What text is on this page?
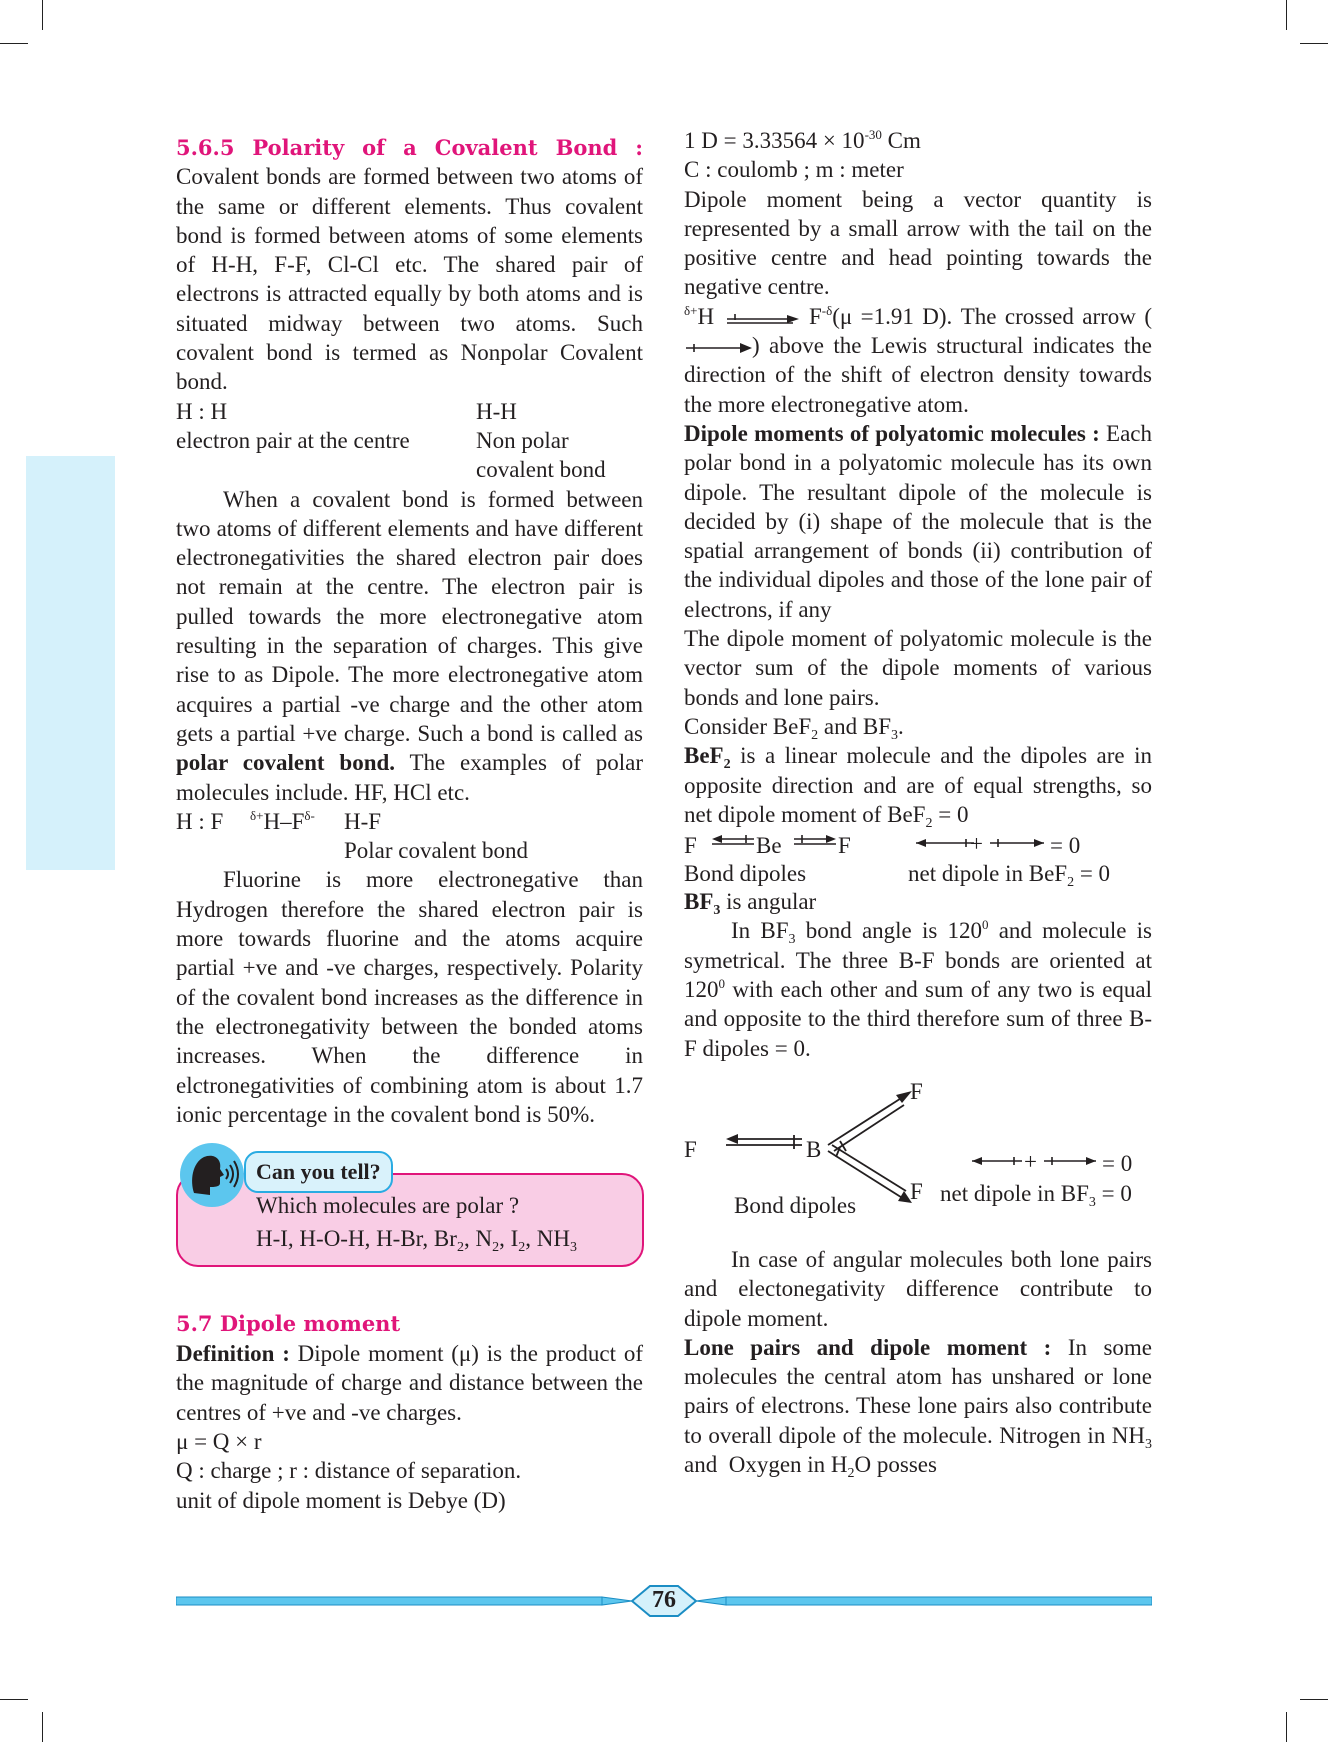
5.6.5 Polarity of a Covalent Bond : Covalent bonds are formed between two atoms of the same or different elements. Thus covalent bond is formed between atoms of some elements of H-H, F-F, Cl-Cl etc. The shared pair of electrons is attracted equally by both atoms and is situated midway between two atoms. Such covalent bond is termed as Nonpolar Covalent bond.

H : H
electron pair at the centre
H-H
Non polar
covalent bond

When a covalent bond is formed between two atoms of different elements and have different electronegativities the shared electron pair does not remain at the centre. The electron pair is pulled towards the more electronegative atom resulting in the separation of charges. This give rise to as Dipole. The more electronegative atom acquires a partial -ve charge and the other atom gets a partial +ve charge. Such a bond is called as polar covalent bond. The examples of polar molecules include. HF, HCl etc.

H : F	$^{\delta+}H-F^{\delta-}$	H-F
Polar covalent bond

Fluorine is more electronegative than Hydrogen therefore the shared electron pair is more towards fluorine and the atoms acquire partial +ve and -ve charges, respectively. Polarity of the covalent bond increases as the difference in the electronegativity between the bonded atoms increases. When the difference in elctronegativities of combining atom is about 1.7 ionic percentage in the covalent bond is 50%.

Which molecules are polar ?
H-I, H-O-H, H-Br, $Br_2$, $N_2$, $I_2$, $NH_3$
Can you tell?

5.7 Dipole moment

Definition : Dipole moment (μ) is the product of the magnitude of charge and distance between the centres of +ve and -ve charges.

μ = Q × r

Q : charge ; r : distance of separation.

unit of dipole moment is Debye (D)

1 $D = 3.33564 \times 10^{-30}$ Cm

C : coulomb ; m : meter

Dipole moment being a vector quantity is represented by a small arrow with the tail on the positive centre and head pointing towards the negative centre.

$^{\delta+}$H	$F^{-\delta}(\mu =1.91$ D). The crossed arrow () above the Lewis structural indicates the direction of the shift of electron density towards the more electronegative atom.

Dipole moments of polyatomic molecules : Each polar bond in a polyatomic molecule has its own dipole. The resultant dipole of the molecule is decided by (i) shape of the molecule that is the spatial arrangement of bonds (ii) contribution of the individual dipoles and those of the lone pair of electrons, if any

The dipole moment of polyatomic molecule is the vector sum of the dipole moments of various bonds and lone pairs.

Consider BeF$_2$ and $BF_3$.

BeF$_2$ is a linear molecule and the dipoles are in opposite direction and are of equal strengths, so net dipole moment of BeF$_2$ = 0

F	Be F	+	= 0
Bond dipoles	net dipole in BeF$_2$ = 0

$BF_3$ is angular

In $BF_3$ bond angle is $120^0$ and molecule is symetrical. The three B-F bonds are oriented at $120^0$ with each other and sum of any two is equal and opposite to the third therefore sum of three B-F dipoles = 0.

F
F	B
F
+	= 0
net dipole in $BF_3 = 0$
Bond dipoles

In case of angular molecules both lone pairs and electonegativity difference contribute to dipole moment.

Lone pairs and dipole moment : In some molecules the central atom has unshared or lone pairs of electrons. These lone pairs also contribute to overall dipole of the molecule. Nitrogen in $NH_3$ and  Oxygen in $H_2O$ posses

76
